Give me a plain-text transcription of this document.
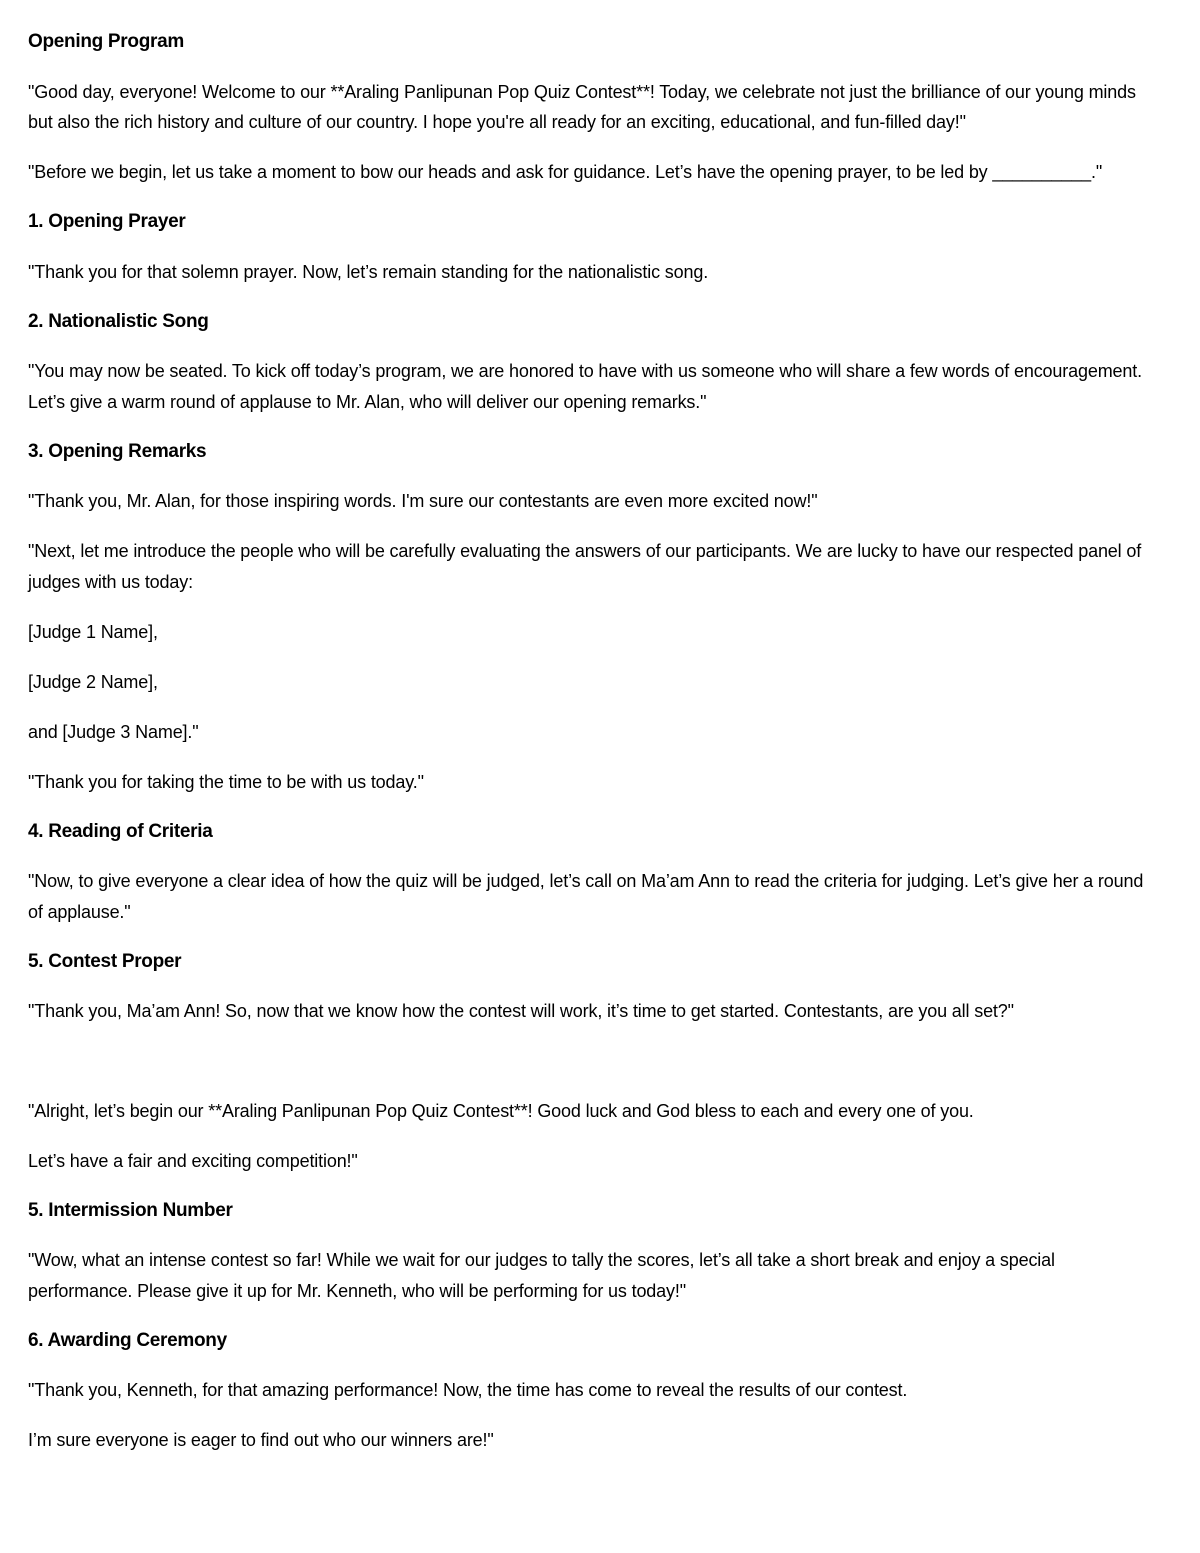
Opening Program

"Good day, everyone! Welcome to our **Araling Panlipunan Pop Quiz Contest**! Today, we celebrate not just the brilliance of our young minds but also the rich history and culture of our country. I hope you're all ready for an exciting, educational, and fun-filled day!"

"Before we begin, let us take a moment to bow our heads and ask for guidance. Let’s have the opening prayer, to be led by __________."

1. Opening Prayer

"Thank you for that solemn prayer. Now, let’s remain standing for the nationalistic song.

2. Nationalistic Song

"You may now be seated. To kick off today’s program, we are honored to have with us someone who will share a few words of encouragement. Let’s give a warm round of applause to Mr. Alan, who will deliver our opening remarks."

3. Opening Remarks

"Thank you, Mr. Alan, for those inspiring words. I'm sure our contestants are even more excited now!"

"Next, let me introduce the people who will be carefully evaluating the answers of our participants. We are lucky to have our respected panel of judges with us today:

[Judge 1 Name],

[Judge 2 Name],

and [Judge 3 Name]."

"Thank you for taking the time to be with us today."

4. Reading of Criteria

"Now, to give everyone a clear idea of how the quiz will be judged, let’s call on Ma’am Ann to read the criteria for judging. Let’s give her a round of applause."

5. Contest Proper

"Thank you, Ma’am Ann! So, now that we know how the contest will work, it’s time to get started. Contestants, are you all set?"

"Alright, let’s begin our **Araling Panlipunan Pop Quiz Contest**! Good luck and God bless to each and every one of you.

Let’s have a fair and exciting competition!"

5. Intermission Number

"Wow, what an intense contest so far! While we wait for our judges to tally the scores, let’s all take a short break and enjoy a special performance. Please give it up for Mr. Kenneth, who will be performing for us today!"

6. Awarding Ceremony

"Thank you, Kenneth, for that amazing performance! Now, the time has come to reveal the results of our contest.

I’m sure everyone is eager to find out who our winners are!"
